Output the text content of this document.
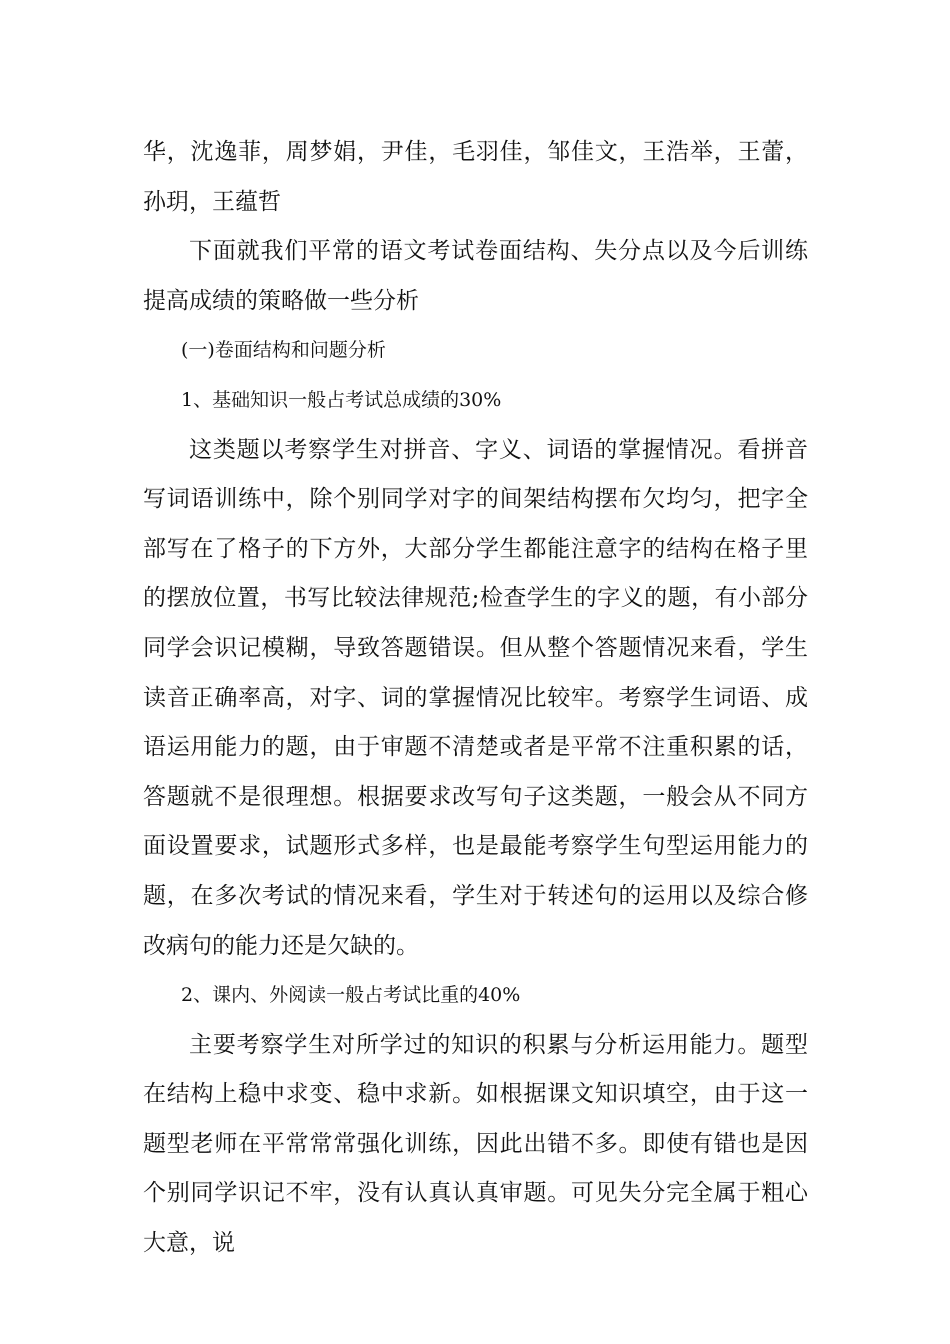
华，沈逸菲，周梦娟，尹佳，毛羽佳，邹佳文，王浩举，王蕾，孙玥，王蕴哲

下面就我们平常的语文考试卷面结构、失分点以及今后训练提高成绩的策略做一些分析

(一)卷面结构和问题分析

1、基础知识一般占考试总成绩的30%

这类题以考察学生对拼音、字义、词语的掌握情况。看拼音写词语训练中，除个别同学对字的间架结构摆布欠均匀，把字全部写在了格子的下方外，大部分学生都能注意字的结构在格子里的摆放位置，书写比较法律规范;检查学生的字义的题，有小部分同学会识记模糊，导致答题错误。但从整个答题情况来看，学生读音正确率高，对字、词的掌握情况比较牢。考察学生词语、成语运用能力的题，由于审题不清楚或者是平常不注重积累的话，答题就不是很理想。根据要求改写句子这类题，一般会从不同方面设置要求，试题形式多样，也是最能考察学生句型运用能力的题，在多次考试的情况来看，学生对于转述句的运用以及综合修改病句的能力还是欠缺的。

2、课内、外阅读一般占考试比重的40%

主要考察学生对所学过的知识的积累与分析运用能力。题型在结构上稳中求变、稳中求新。如根据课文知识填空，由于这一题型老师在平常常常强化训练，因此出错不多。即使有错也是因个别同学识记不牢，没有认真认真审题。可见失分完全属于粗心大意，说
